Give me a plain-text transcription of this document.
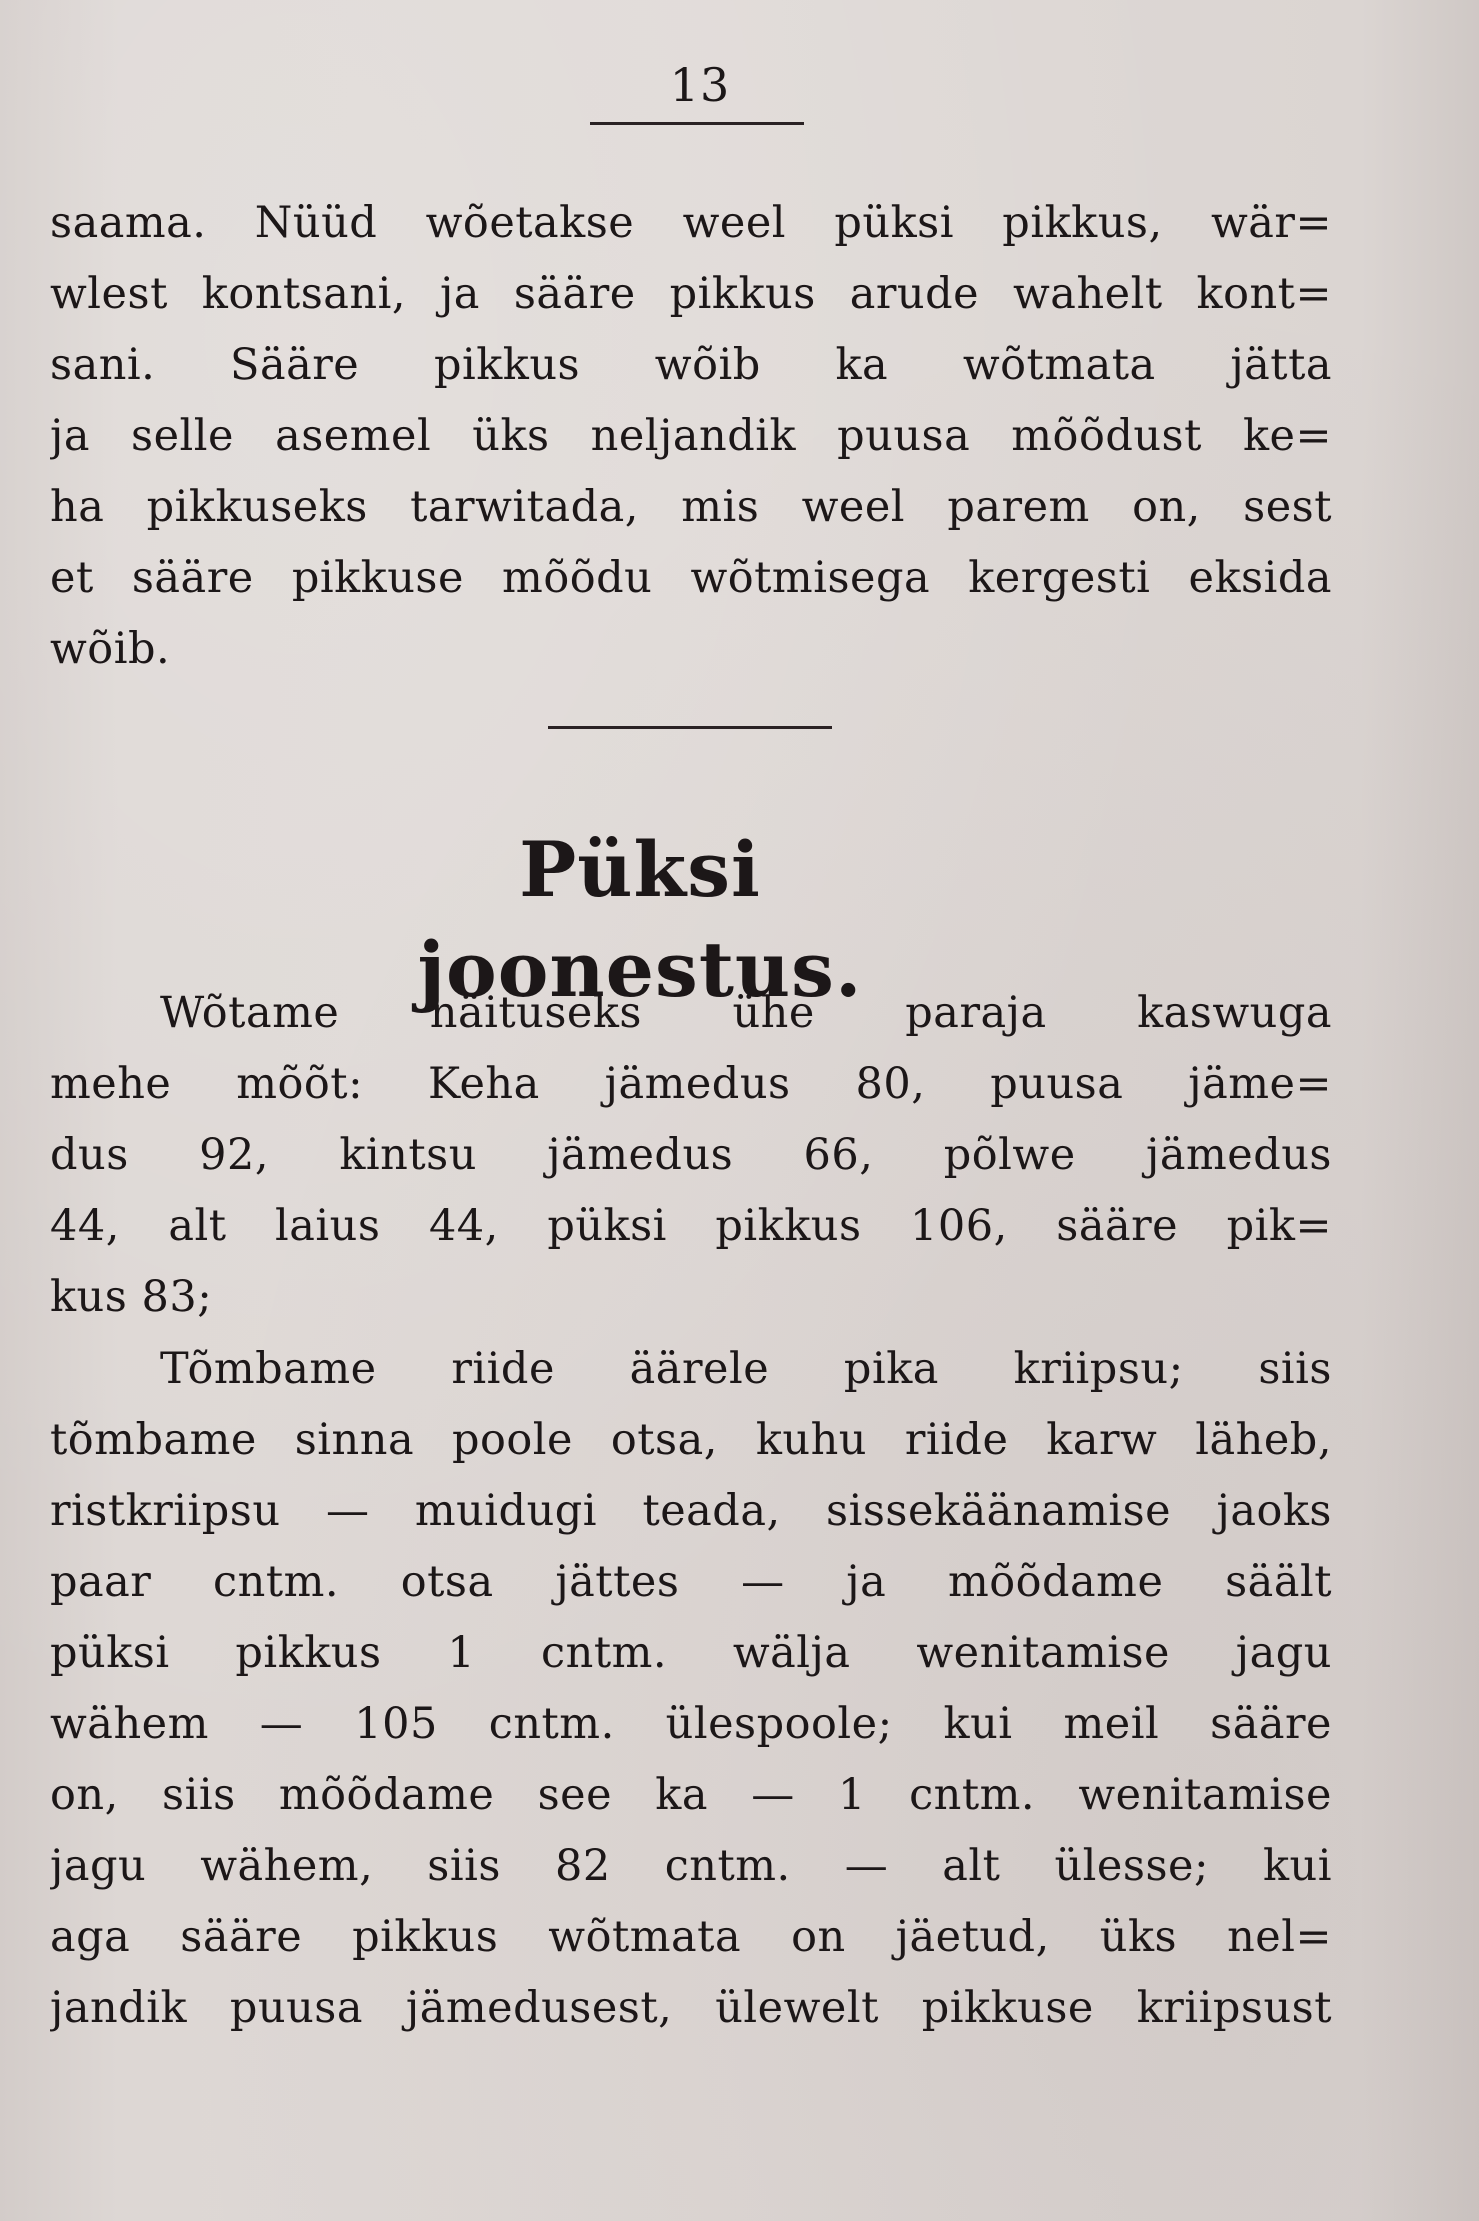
13
saama. Nüüd wõetakse weel püksi pikkus, wär=
wlest kontsani, ja sääre pikkus arude wahelt kont=
sani. Sääre pikkus wõib ka wõtmata jätta
ja selle asemel üks neljandik puusa mõõdust ke=
ha pikkuseks tarwitada, mis weel parem on, sest
et sääre pikkuse mõõdu wõtmisega kergesti eksida
wõib.
Püksi joonestus.
Wõtame näituseks ühe paraja kaswuga
mehe mõõt: Keha jämedus 80, puusa jäme=
dus 92, kintsu jämedus 66, põlwe jämedus
44, alt laius 44, püksi pikkus 106, sääre pik=
kus 83;
Tõmbame riide äärele pika kriipsu; siis
tõmbame sinna poole otsa, kuhu riide karw läheb,
ristkriipsu — muidugi teada, sissekäänamise jaoks
paar cntm. otsa jättes — ja mõõdame säält
püksi pikkus 1 cntm. wälja wenitamise jagu
wähem — 105 cntm. ülespoole; kui meil sääre
on, siis mõõdame see ka — 1 cntm. wenitamise
jagu wähem, siis 82 cntm. — alt ülesse; kui
aga sääre pikkus wõtmata on jäetud, üks nel=
jandik puusa jämedusest, ülewelt pikkuse kriipsust
